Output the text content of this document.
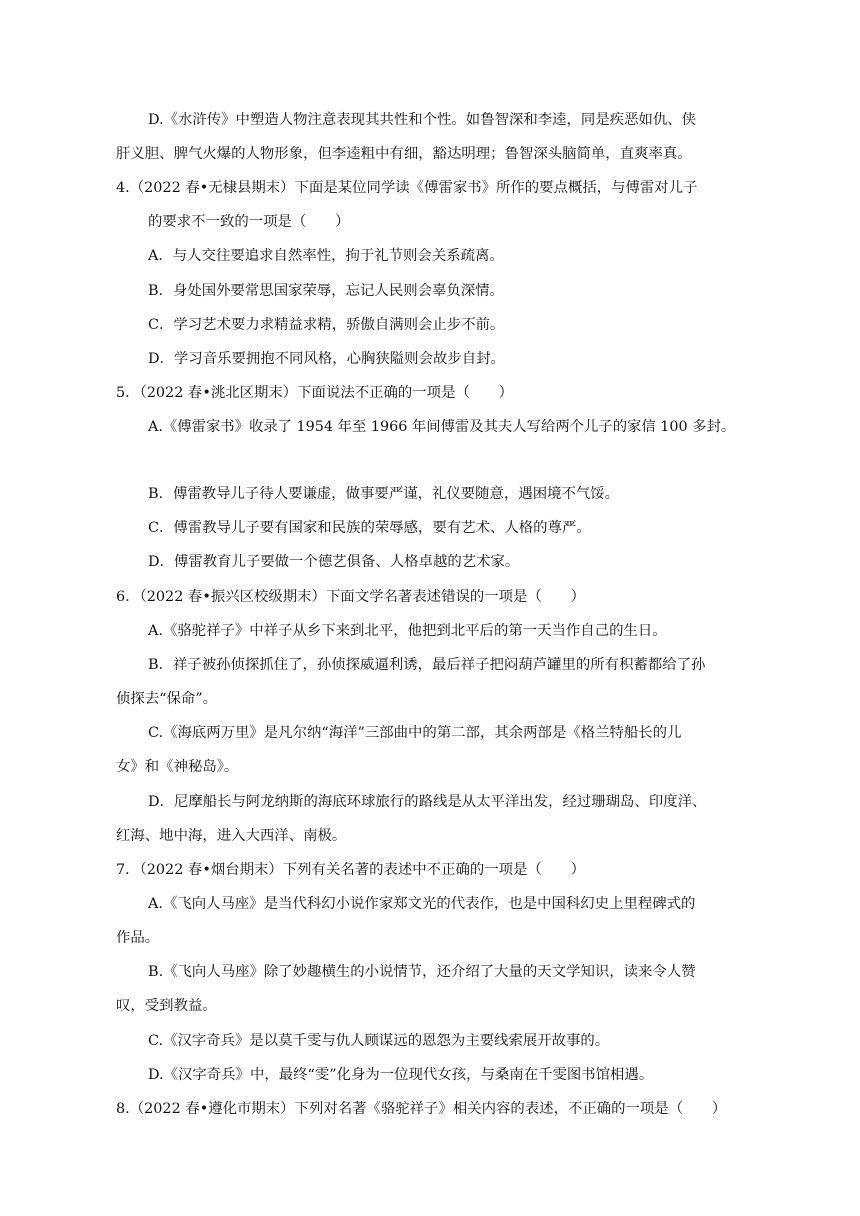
D.《水浒传》中塑造人物注意表现其共性和个性。如鲁智深和李逵，同是疾恶如仇、侠
肝义胆、脾气火爆的人物形象，但李逵粗中有细，豁达明理；鲁智深头脑简单，直爽率真。
4.（2022 春•无棣县期末）下面是某位同学读《傅雷家书》所作的要点概括，与傅雷对儿子
的要求不一致的一项是（　　）
A．与人交往要追求自然率性，拘于礼节则会关系疏离。
B．身处国外要常思国家荣辱，忘记人民则会辜负深情。
C．学习艺术要力求精益求精，骄傲自满则会止步不前。
D．学习音乐要拥抱不同风格，心胸狭隘则会故步自封。
5．（2022 春•洮北区期末）下面说法不正确的一项是（　　）
A.《傅雷家书》收录了 1954 年至 1966 年间傅雷及其夫人写给两个儿子的家信 100 多封。
B．傅雷教导儿子待人要谦虚，做事要严谨，礼仪要随意，遇困境不气馁。
C．傅雷教导儿子要有国家和民族的荣辱感，要有艺术、人格的尊严。
D．傅雷教育儿子要做一个德艺俱备、人格卓越的艺术家。
6．（2022 春•振兴区校级期末）下面文学名著表述错误的一项是（　　）
A.《骆驼祥子》中祥子从乡下来到北平，他把到北平后的第一天当作自己的生日。
B．祥子被孙侦探抓住了，孙侦探威逼利诱，最后祥子把闷葫芦罐里的所有积蓄都给了孙
侦探去“保命”。
C.《海底两万里》是凡尔纳“海洋”三部曲中的第二部，其余两部是《格兰特船长的儿
女》和《神秘岛》。
D．尼摩船长与阿龙纳斯的海底环球旅行的路线是从太平洋出发，经过珊瑚岛、印度洋、
红海、地中海，进入大西洋、南极。
7．（2022 春•烟台期末）下列有关名著的表述中不正确的一项是（　　）
A.《飞向人马座》是当代科幻小说作家郑文光的代表作，也是中国科幻史上里程碑式的
作品。
B.《飞向人马座》除了妙趣横生的小说情节，还介绍了大量的天文学知识，读来令人赞
叹，受到教益。
C.《汉字奇兵》是以莫千雯与仇人顾谋远的恩怨为主要线索展开故事的。
D.《汉字奇兵》中，最终“雯”化身为一位现代女孩，与桑南在千雯图书馆相遇。
8.（2022 春•遵化市期末）下列对名著《骆驼祥子》相关内容的表述，不正确的一项是（　　）
